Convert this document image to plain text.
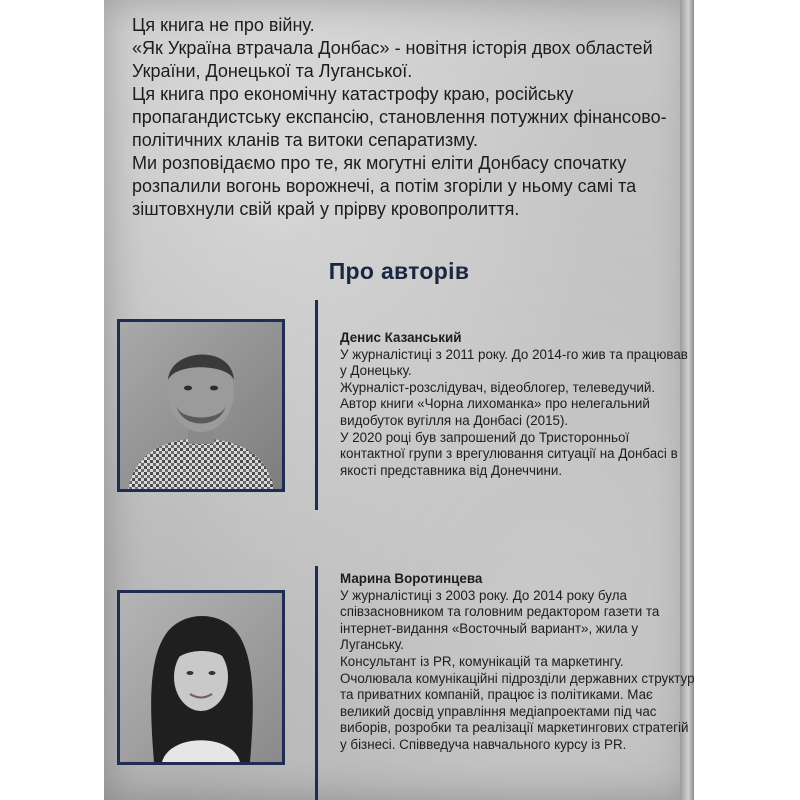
Ця книга не про війну.

«Як Україна втрачала Донбас» - новітня історія двох областей України, Донецької та Луганської.

Ця книга про економічну катастрофу краю, російську пропагандистську експансію, становлення потужних фінансово-політичних кланів та витоки сепаратизму.

Ми розповідаємо про те, як могутні еліти Донбасу спочатку розпалили вогонь ворожнечі, а потім згоріли у ньому самі та зіштовхнули свій край у прірву кровопролиття.

Про авторів
Денис Казанський

У журналістиці з 2011 року. До 2014-го жив та працював у Донецьку.

Журналіст-розслідувач, відеоблогер, телеведучий. Автор книги «Чорна лихоманка» про нелегальний видобуток вугілля на Донбасі (2015).

У 2020 році був запрошений до Тристоронньої контактної групи з врегулювання ситуації на Донбасі в якості представника від Донеччини.

Марина Воротинцева

У журналістиці з 2003 року. До 2014 року була співзасновником та головним редактором газети та інтернет-видання «Восточный вариант», жила у Луганську.

Консультант із PR, комунікацій та маркетингу. Очолювала комунікаційні підрозділи державних структур та приватних компаній, працює із політиками. Має великий досвід управління медіапроектами під час виборів, розробки та реалізації маркетингових стратегій у бізнесі. Співведуча навчального курсу із PR.
